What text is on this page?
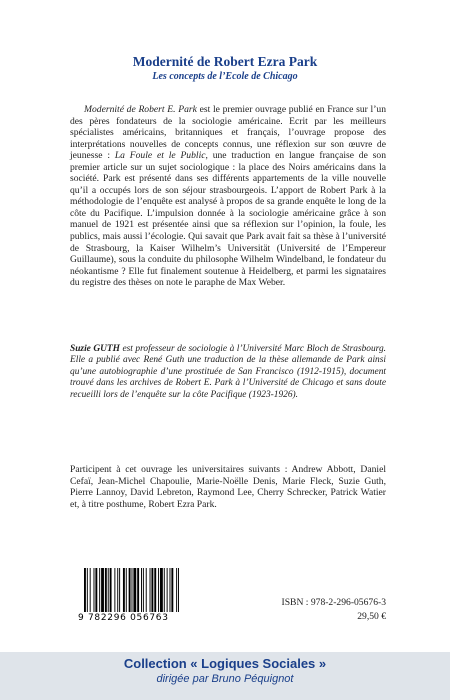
Modernité de Robert Ezra Park
Les concepts de l’Ecole de Chicago

Modernité de Robert E. Park est le premier ouvrage publié en France sur l’un des pères fondateurs de la sociologie américaine. Ecrit par les meilleurs spécialistes américains, britanniques et français, l’ouvrage propose des interprétations nouvelles de concepts connus, une réflexion sur son œuvre de jeunesse : La Foule et le Public, une traduction en langue française de son premier article sur un sujet sociologique : la place des Noirs américains dans la société. Park est présenté dans ses différents appartements de la ville nouvelle qu’il a occupés lors de son séjour strasbourgeois. L’apport de Robert Park à la méthodologie de l’enquête est analysé à propos de sa grande enquête le long de la côte du Pacifique. L’impulsion donnée à la sociologie américaine grâce à son manuel de 1921 est présentée ainsi que sa réflexion sur l’opinion, la foule, les publics, mais aussi l’écologie. Qui savait que Park avait fait sa thèse à l’université de Strasbourg, la Kaiser Wilhelm’s Universität (Université de l’Empereur Guillaume), sous la conduite du philosophe Wilhelm Windelband, le fondateur du néokantisme ? Elle fut finalement soutenue à Heidelberg, et parmi les signataires du registre des thèses on note le paraphe de Max Weber.

Suzie GUTH est professeur de sociologie à l’Université Marc Bloch de Strasbourg. Elle a publié avec René Guth une traduction de la thèse allemande de Park ainsi qu’une autobiographie d’une prostituée de San Francisco (1912-1915), document trouvé dans les archives de Robert E. Park à l’Université de Chicago et sans doute recueilli lors de l’enquête sur la côte Pacifique (1923-1926).
Participent à cet ouvrage les universitaires suivants : Andrew Abbott, Daniel Cefaï, Jean-Michel Chapoulie, Marie-Noëlle Denis, Marie Fleck, Suzie Guth, Pierre Lannoy, David Lebreton, Raymond Lee, Cherry Schrecker, Patrick Watier et, à titre posthume, Robert Ezra Park.
9 782296 056763
ISBN : 978-2-296-05676-3
29,50 €
Collection « Logiques Sociales »
dirigée par Bruno Péquignot
